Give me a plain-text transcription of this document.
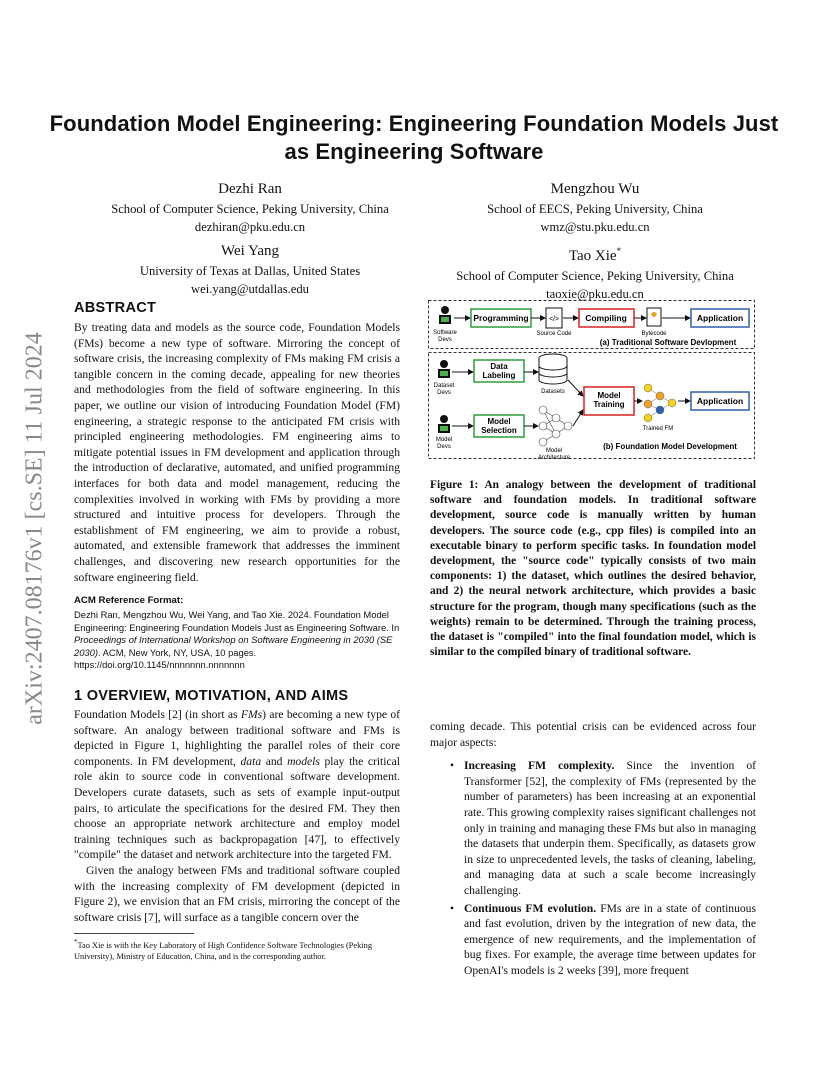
arXiv:2407.08176v1 [cs.SE] 11 Jul 2024
Foundation Model Engineering: Engineering Foundation Models Just as Engineering Software
Dezhi Ran
School of Computer Science, Peking University, China
dezhiran@pku.edu.cn
Mengzhou Wu
School of EECS, Peking University, China
wmz@stu.pku.edu.cn
Wei Yang
University of Texas at Dallas, United States
wei.yang@utdallas.edu
Tao Xie*
School of Computer Science, Peking University, China
taoxie@pku.edu.cn
ABSTRACT
By treating data and models as the source code, Foundation Models (FMs) become a new type of software. Mirroring the concept of software crisis, the increasing complexity of FMs making FM crisis a tangible concern in the coming decade, appealing for new theories and methodologies from the field of software engineering. In this paper, we outline our vision of introducing Foundation Model (FM) engineering, a strategic response to the anticipated FM crisis with principled engineering methodologies. FM engineering aims to mitigate potential issues in FM development and application through the introduction of declarative, automated, and unified programming interfaces for both data and model management, reducing the complexities involved in working with FMs by providing a more structured and intuitive process for developers. Through the establishment of FM engineering, we aim to provide a robust, automated, and extensible framework that addresses the imminent challenges, and discovering new research opportunities for the software engineering field.
ACM Reference Format:
Dezhi Ran, Mengzhou Wu, Wei Yang, and Tao Xie. 2024. Foundation Model Engineering: Engineering Foundation Models Just as Engineering Software. In Proceedings of International Workshop on Software Engineering in 2030 (SE 2030). ACM, New York, NY, USA, 10 pages. https://doi.org/10.1145/nnnnnnn.nnnnnnn
1 OVERVIEW, MOTIVATION, AND AIMS
Foundation Models [2] (in short as FMs) are becoming a new type of software. An analogy between traditional software and FMs is depicted in Figure 1, highlighting the parallel roles of their core components. In FM development, data and models play the critical role akin to source code in conventional software development. Developers curate datasets, such as sets of example input-output pairs, to articulate the specifications for the desired FM. They then choose an appropriate network architecture and employ model training techniques such as backpropagation [47], to effectively "compile" the dataset and network architecture into the targeted FM.
Given the analogy between FMs and traditional software coupled with the increasing complexity of FM development (depicted in Figure 2), we envision that an FM crisis, mirroring the concept of the software crisis [7], will surface as a tangible concern over the
*Tao Xie is with the Key Laboratory of High Confidence Software Technologies (Peking University), Ministry of Education, China, and is the corresponding author.
Software Devs
Programming	</>
Source Code
Compiling
Bytecode
Application
(a) Traditional Software Devlopment
Dataset Devs
Data Labeling
Datasets
Model Devs
Model Selection
Model Architecture
Model Training
Trained FM
Application
(b) Foundation Model Development
Figure 1: An analogy between the development of traditional software and foundation models. In traditional software development, source code is manually written by human developers. The source code (e.g., cpp files) is compiled into an executable binary to perform specific tasks. In foundation model development, the "source code" typically consists of two main components: 1) the dataset, which outlines the desired behavior, and 2) the neural network architecture, which provides a basic structure for the program, though many specifications (such as the weights) remain to be determined. Through the training process, the dataset is "compiled" into the final foundation model, which is similar to the compiled binary of traditional software.
coming decade. This potential crisis can be evidenced across four major aspects:
• Increasing FM complexity. Since the invention of Transformer [52], the complexity of FMs (represented by the number of parameters) has been increasing at an exponential rate. This growing complexity raises significant challenges not only in training and managing these FMs but also in managing the datasets that underpin them. Specifically, as datasets grow in size to unprecedented levels, the tasks of cleaning, labeling, and managing data at such a scale become increasingly challenging.
• Continuous FM evolution. FMs are in a state of continuous and fast evolution, driven by the integration of new data, the emergence of new requirements, and the implementation of bug fixes. For example, the average time between updates for OpenAI's models is 2 weeks [39], more frequent
